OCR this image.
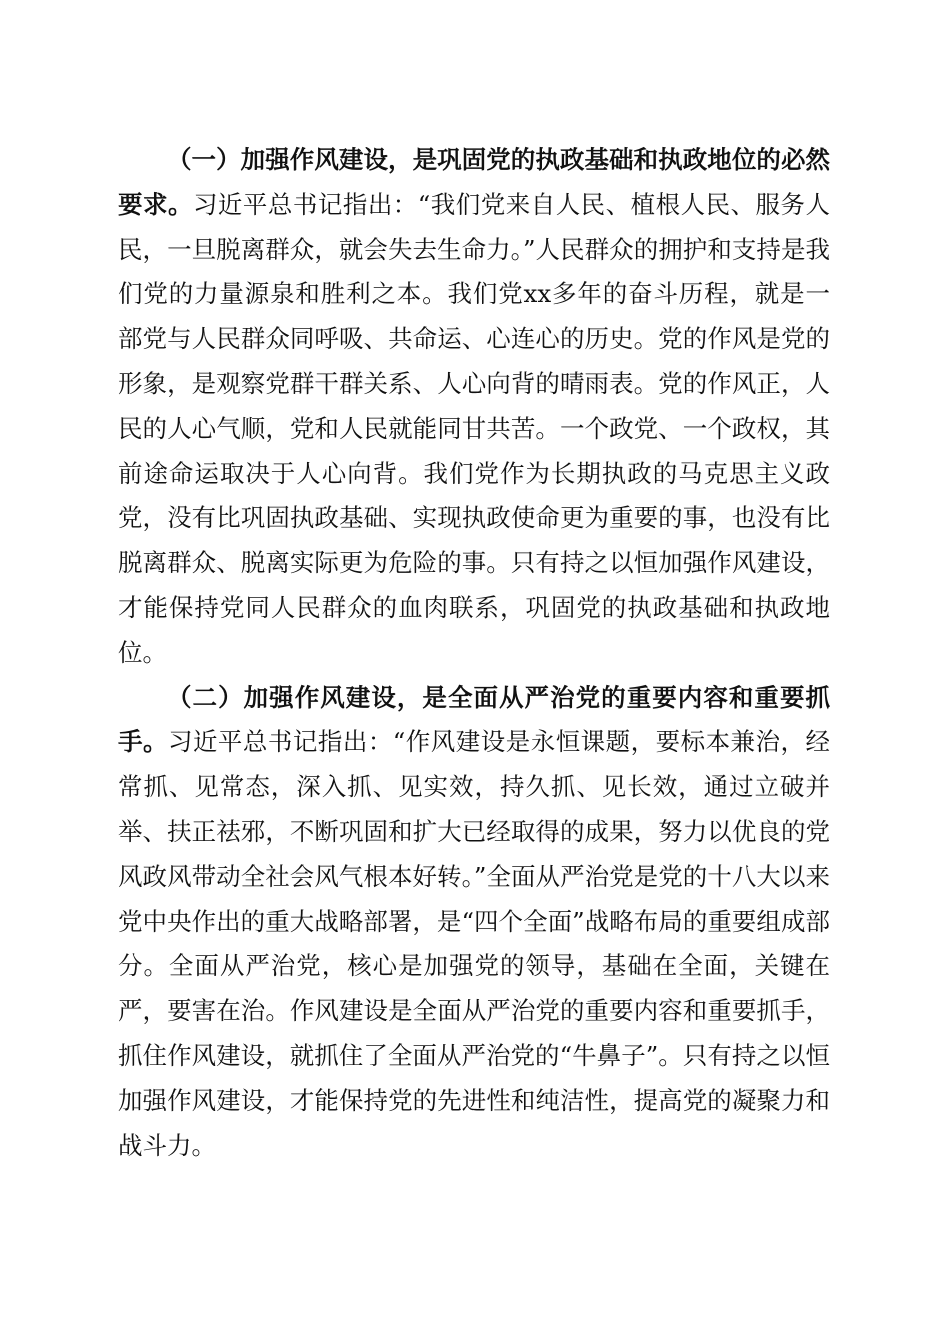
（一）加强作风建设，是巩固党的执政基础和执政地位的必然要求。习近平总书记指出：“我们党来自人民、植根人民、服务人民，一旦脱离群众，就会失去生命力。”人民群众的拥护和支持是我们党的力量源泉和胜利之本。我们党xx多年的奋斗历程，就是一部党与人民群众同呼吸、共命运、心连心的历史。党的作风是党的形象，是观察党群干群关系、人心向背的晴雨表。党的作风正，人民的人心气顺，党和人民就能同甘共苦。一个政党、一个政权，其前途命运取决于人心向背。我们党作为长期执政的马克思主义政党，没有比巩固执政基础、实现执政使命更为重要的事，也没有比脱离群众、脱离实际更为危险的事。只有持之以恒加强作风建设，才能保持党同人民群众的血肉联系，巩固党的执政基础和执政地位。

（二）加强作风建设，是全面从严治党的重要内容和重要抓手。习近平总书记指出：“作风建设是永恒课题，要标本兼治，经常抓、见常态，深入抓、见实效，持久抓、见长效，通过立破并举、扶正祛邪，不断巩固和扩大已经取得的成果，努力以优良的党风政风带动全社会风气根本好转。”全面从严治党是党的十八大以来党中央作出的重大战略部署，是“四个全面”战略布局的重要组成部分。全面从严治党，核心是加强党的领导，基础在全面，关键在严，要害在治。作风建设是全面从严治党的重要内容和重要抓手，抓住作风建设，就抓住了全面从严治党的“牛鼻子”。只有持之以恒加强作风建设，才能保持党的先进性和纯洁性，提高党的凝聚力和战斗力。
